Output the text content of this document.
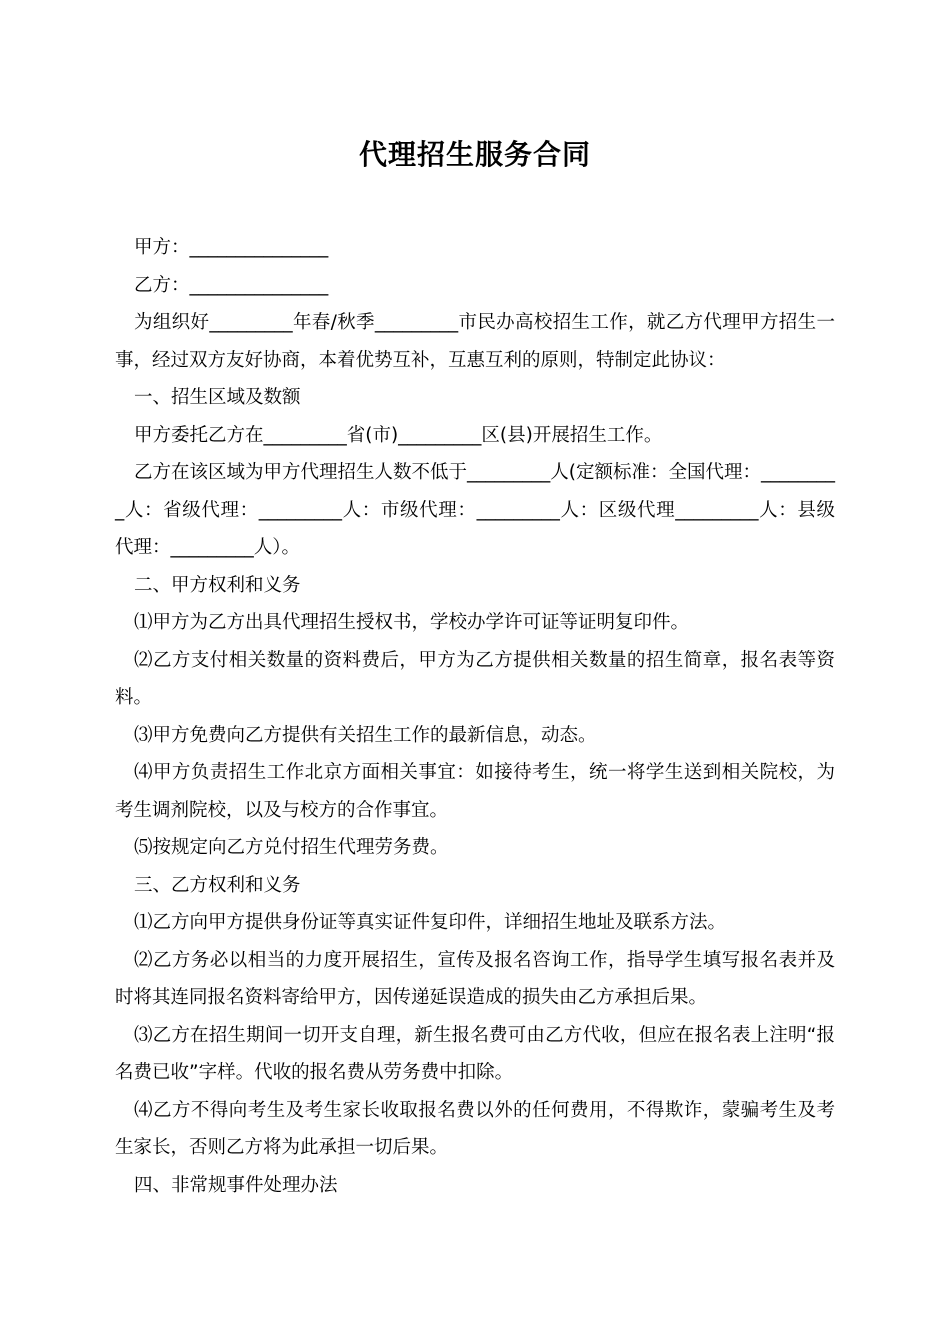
代理招生服务合同

甲方：_______________

乙方：_______________

为组织好_________年春/秋季_________市民办高校招生工作，就乙方代理甲方招生一事，经过双方友好协商，本着优势互补，互惠互利的原则，特制定此协议：

一、招生区域及数额

甲方委托乙方在_________省(市)_________区(县)开展招生工作。

乙方在该区域为甲方代理招生人数不低于_________人(定额标准：全国代理：_________人：省级代理：_________人：市级代理：_________人：区级代理_________人：县级代理：_________人）。

二、甲方权利和义务

⑴甲方为乙方出具代理招生授权书，学校办学许可证等证明复印件。

⑵乙方支付相关数量的资料费后，甲方为乙方提供相关数量的招生简章，报名表等资料。

⑶甲方免费向乙方提供有关招生工作的最新信息，动态。

⑷甲方负责招生工作北京方面相关事宜：如接待考生，统一将学生送到相关院校，为考生调剂院校，以及与校方的合作事宜。

⑸按规定向乙方兑付招生代理劳务费。

三、乙方权利和义务

⑴乙方向甲方提供身份证等真实证件复印件，详细招生地址及联系方法。

⑵乙方务必以相当的力度开展招生，宣传及报名咨询工作，指导学生填写报名表并及时将其连同报名资料寄给甲方，因传递延误造成的损失由乙方承担后果。

⑶乙方在招生期间一切开支自理，新生报名费可由乙方代收，但应在报名表上注明“报名费已收”字样。代收的报名费从劳务费中扣除。

⑷乙方不得向考生及考生家长收取报名费以外的任何费用，不得欺诈，蒙骗考生及考生家长，否则乙方将为此承担一切后果。

四、非常规事件处理办法
